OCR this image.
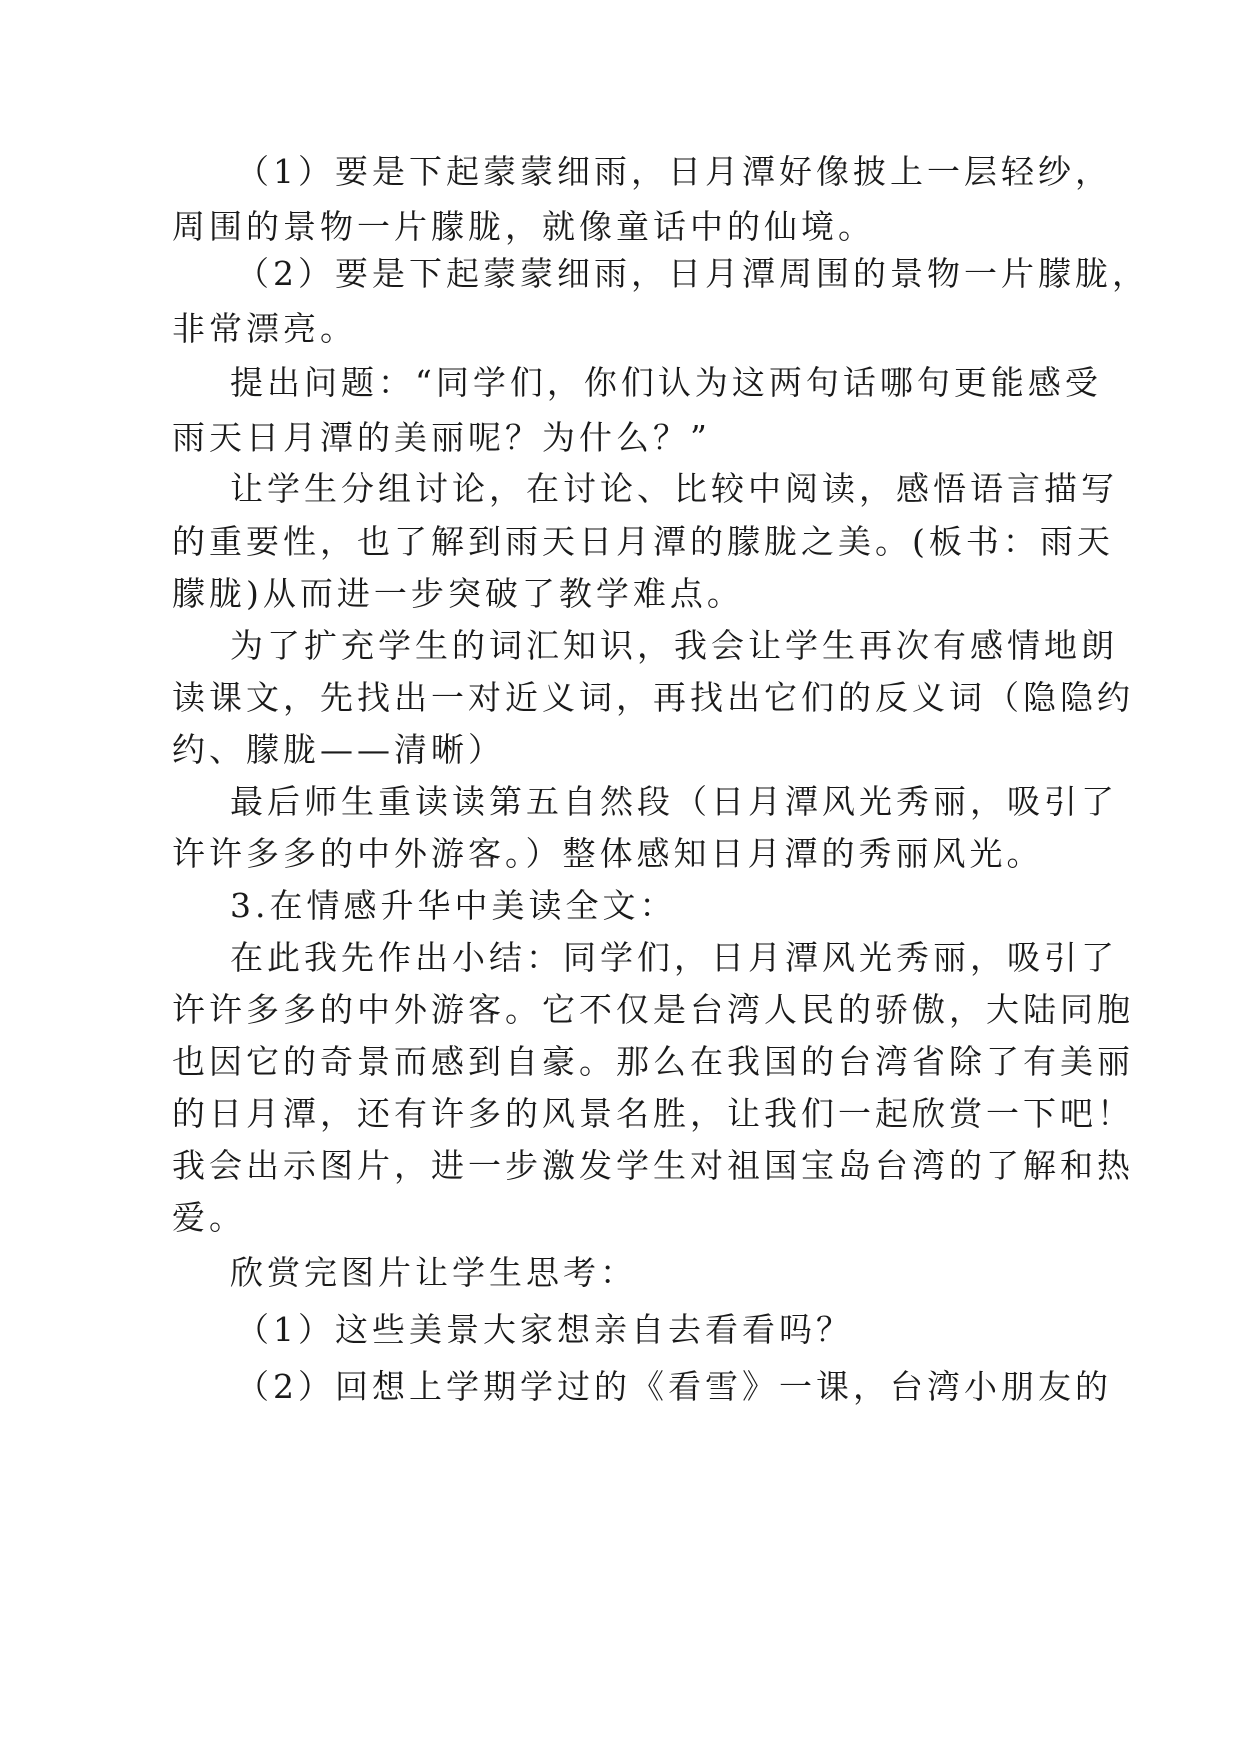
（1）要是下起蒙蒙细雨，日月潭好像披上一层轻纱，

周围的景物一片朦胧，就像童话中的仙境。

（2）要是下起蒙蒙细雨，日月潭周围的景物一片朦胧，

非常漂亮。

提出问题：“同学们，你们认为这两句话哪句更能感受

雨天日月潭的美丽呢？为什么？”

让学生分组讨论，在讨论、比较中阅读，感悟语言描写

的重要性，也了解到雨天日月潭的朦胧之美。(板书：雨天

朦胧)从而进一步突破了教学难点。

为了扩充学生的词汇知识，我会让学生再次有感情地朗

读课文，先找出一对近义词，再找出它们的反义词（隐隐约

约、朦胧——清晰）

最后师生重读读第五自然段（日月潭风光秀丽，吸引了

许许多多的中外游客。）整体感知日月潭的秀丽风光。

3.在情感升华中美读全文：

在此我先作出小结：同学们，日月潭风光秀丽，吸引了

许许多多的中外游客。它不仅是台湾人民的骄傲，大陆同胞

也因它的奇景而感到自豪。那么在我国的台湾省除了有美丽

的日月潭，还有许多的风景名胜，让我们一起欣赏一下吧！

我会出示图片，进一步激发学生对祖国宝岛台湾的了解和热

爱。

欣赏完图片让学生思考：

（1）这些美景大家想亲自去看看吗？

（2）回想上学期学过的《看雪》一课，台湾小朋友的
